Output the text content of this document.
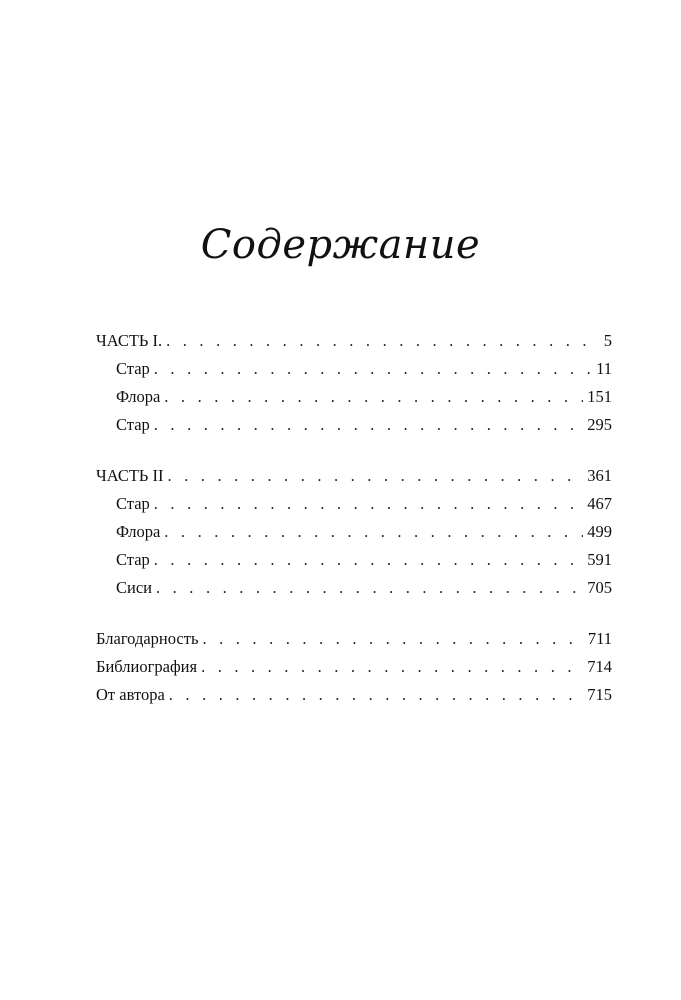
Содержание
ЧАСТЬ I. . . .	5
Стар . . .	11
Флора . . .	151
Стар . . .	295
ЧАСТЬ II . . .	361
Стар . . .	467
Флора . . .	499
Стар . . .	591
Сиси . . .	705
Благодарность . . .	711
Библиография . . .	714
От автора . . .	715
